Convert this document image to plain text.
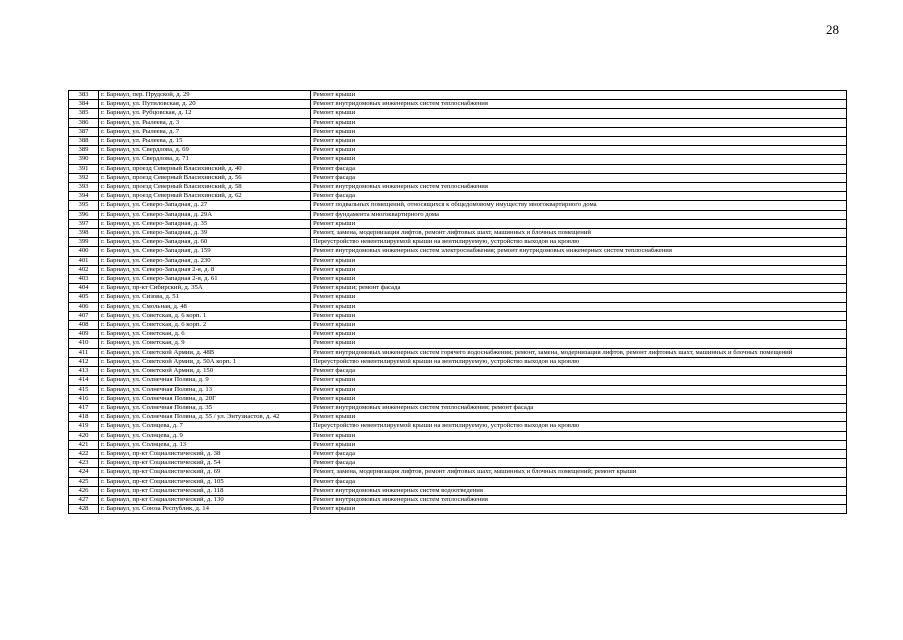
28
383	г. Барнаул, пер. Прудской, д. 29	Ремонт крыши
384	г. Барнаул, ул. Путиловская, д. 20	Ремонт внутридомовых инженерных систем теплоснабжения
385	г. Барнаул, ул. Рубцовская, д. 12	Ремонт крыши
386	г. Барнаул, ул. Рылеева, д. 3	Ремонт крыши
387	г. Барнаул, ул. Рылеева, д. 7	Ремонт крыши
388	г. Барнаул, ул. Рылеева, д. 15	Ремонт крыши
389	г. Барнаул, ул. Свердлова, д. 69	Ремонт крыши
390	г. Барнаул, ул. Свердлова, д. 71	Ремонт крыши
391	г. Барнаул, проезд Северный Власихинский, д. 40	Ремонт фасада
392	г. Барнаул, проезд Северный Власихинский, д. 56	Ремонт фасада
393	г. Барнаул, проезд Северный Власихинский, д. 58	Ремонт внутридомовых инженерных систем теплоснабжения
394	г. Барнаул, проезд Северный Власихинский, д. 62	Ремонт фасада
395	г. Барнаул, ул. Северо-Западная, д. 27	Ремонт подвальных помещений, относящихся к общедомовому имуществу многоквартирного дома
396	г. Барнаул, ул. Северо-Западная, д. 29А	Ремонт фундамента многоквартирного дома
397	г. Барнаул, ул. Северо-Западная, д. 35	Ремонт крыши
398	г. Барнаул, ул. Северо-Западная, д. 39	Ремонт, замена, модернизация лифтов, ремонт лифтовых шахт, машинных и блочных помещений
399	г. Барнаул, ул. Северо-Западная, д. 60	Переустройство невентилируемой крыши на вентилируемую, устройство выходов на кровлю
400	г. Барнаул, ул. Северо-Западная, д. 159	Ремонт внутридомовых инженерных систем электроснабжения; ремонт внутридомовых инженерных систем теплоснабжения
401	г. Барнаул, ул. Северо-Западная, д. 230	Ремонт крыши
402	г. Барнаул, ул. Северо-Западная 2-я, д. 8	Ремонт крыши
403	г. Барнаул, ул. Северо-Западная 2-я, д. 61	Ремонт крыши
404	г. Барнаул, пр-кт Сибирский, д. 35А	Ремонт крыши; ремонт фасада
405	г. Барнаул, ул. Сизова, д. 51	Ремонт крыши
406	г. Барнаул, ул. Смольная, д. 48	Ремонт крыши
407	г. Барнаул, ул. Советская, д. 6 корп. 1	Ремонт крыши
408	г. Барнаул, ул. Советская, д. 6 корп. 2	Ремонт крыши
409	г. Барнаул, ул. Советская, д. 6	Ремонт крыши
410	г. Барнаул, ул. Советская, д. 9	Ремонт крыши
411	г. Барнаул, ул. Советской Армии, д. 48В	Ремонт внутридомовых инженерных систем горячего водоснабжения; ремонт, замена, модернизация лифтов, ремонт лифтовых шахт, машинных и блочных помещений
412	г. Барнаул, ул. Советской Армии, д. 50А корп. 1	Переустройство невентилируемой крыши на вентилируемую, устройство выходов на кровлю
413	г. Барнаул, ул. Советской Армии, д. 150	Ремонт фасада
414	г. Барнаул, ул. Солнечная Поляна, д. 9	Ремонт крыши
415	г. Барнаул, ул. Солнечная Поляна, д. 13	Ремонт крыши
416	г. Барнаул, ул. Солнечная Поляна, д. 20Г	Ремонт крыши
417	г. Барнаул, ул. Солнечная Поляна, д. 35	Ремонт внутридомовых инженерных систем теплоснабжения; ремонт фасада
418	г. Барнаул, ул. Солнечная Поляна, д. 55 / ул. Энтузиастов, д. 42	Ремонт крыши
419	г. Барнаул, ул. Солнцева, д. 7	Переустройство невентилируемой крыши на вентилируемую, устройство выходов на кровлю
420	г. Барнаул, ул. Солнцева, д. 9	Ремонт крыши
421	г. Барнаул, ул. Солнцева, д. 13	Ремонт крыши
422	г. Барнаул, пр-кт Социалистический, д. 38	Ремонт фасада
423	г. Барнаул, пр-кт Социалистический, д. 54	Ремонт фасада
424	г. Барнаул, пр-кт Социалистический, д. 69	Ремонт, замена, модернизация лифтов, ремонт лифтовых шахт, машинных и блочных помещений; ремонт крыши
425	г. Барнаул, пр-кт Социалистический, д. 105	Ремонт фасада
426	г. Барнаул, пр-кт Социалистический, д. 118	Ремонт внутридомовых инженерных систем водоотведения
427	г. Барнаул, пр-кт Социалистический, д. 130	Ремонт внутридомовых инженерных систем теплоснабжения
428	г. Барнаул, ул. Союза Республик, д. 14	Ремонт крыши
